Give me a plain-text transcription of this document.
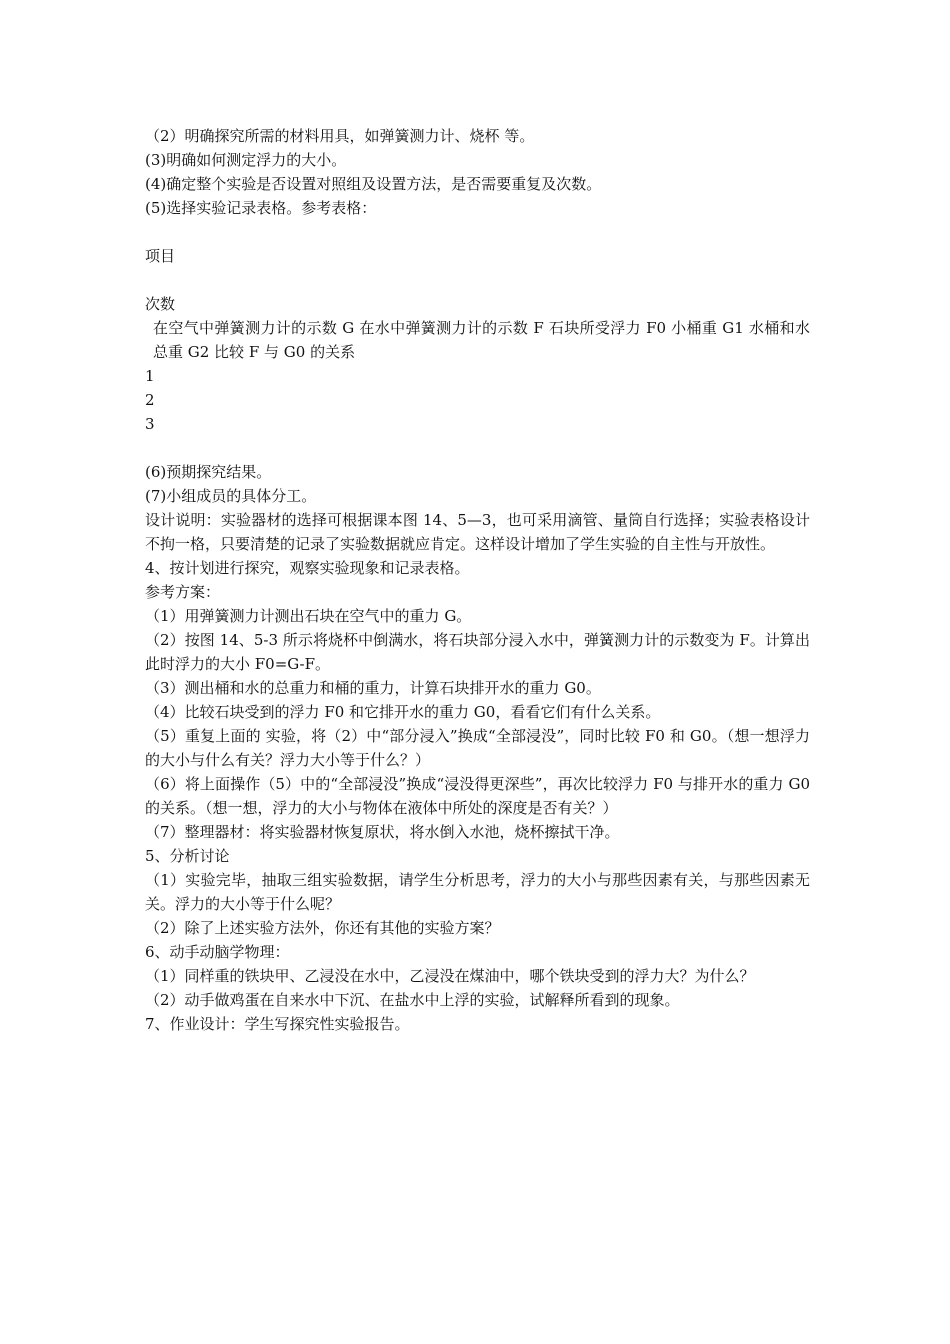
（2）明确探究所需的材料用具，如弹簧测力计、烧杯 等。

(3)明确如何测定浮力的大小。

(4)确定整个实验是否设置对照组及设置方法，是否需要重复及次数。

(5)选择实验记录表格。参考表格：

项目

次数

在空气中弹簧测力计的示数 G 在水中弹簧测力计的示数 F 石块所受浮力 F0 小桶重 G1 水桶和水总重 G2 比较 F 与 G0 的关系

1

2

3

(6)预期探究结果。

(7)小组成员的具体分工。

设计说明：实验器材的选择可根据课本图 14、5—3，也可采用滴管、量筒自行选择；实验表格设计不拘一格，只要清楚的记录了实验数据就应肯定。这样设计增加了学生实验的自主性与开放性。

4、按计划进行探究，观察实验现象和记录表格。

参考方案：

（1）用弹簧测力计测出石块在空气中的重力 G。

（2）按图 14、5-3 所示将烧杯中倒满水，将石块部分浸入水中，弹簧测力计的示数变为 F。计算出此时浮力的大小 F0=G-F。

（3）测出桶和水的总重力和桶的重力，计算石块排开水的重力 G0。

（4）比较石块受到的浮力 F0 和它排开水的重力 G0，看看它们有什么关系。

（5）重复上面的 实验，将（2）中“部分浸入”换成“全部浸没”，同时比较 F0 和 G0。（想一想浮力的大小与什么有关？浮力大小等于什么？）

（6）将上面操作（5）中的“全部浸没”换成“浸没得更深些”，再次比较浮力 F0 与排开水的重力 G0 的关系。（想一想，浮力的大小与物体在液体中所处的深度是否有关？）

（7）整理器材：将实验器材恢复原状，将水倒入水池，烧杯擦拭干净。

5、分析讨论

（1）实验完毕，抽取三组实验数据，请学生分析思考，浮力的大小与那些因素有关，与那些因素无关。浮力的大小等于什么呢？

（2）除了上述实验方法外，你还有其他的实验方案？

6、动手动脑学物理：

（1）同样重的铁块甲、乙浸没在水中，乙浸没在煤油中，哪个铁块受到的浮力大？为什么？

（2）动手做鸡蛋在自来水中下沉、在盐水中上浮的实验，试解释所看到的现象。

7、作业设计：学生写探究性实验报告。
